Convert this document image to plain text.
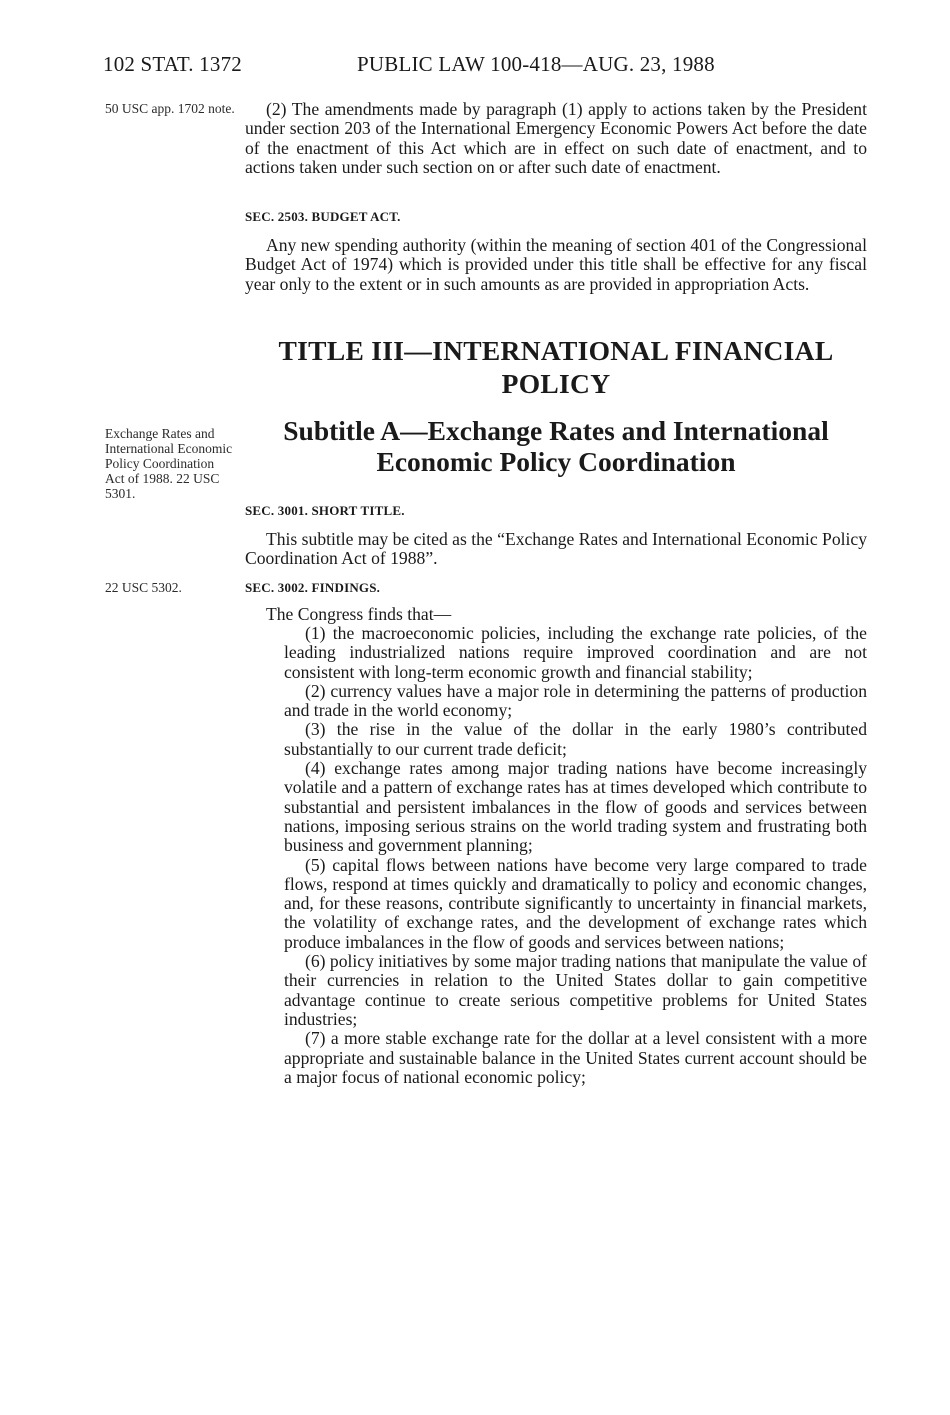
102 STAT. 1372	PUBLIC LAW 100-418—AUG. 23, 1988
50 USC app. 1702 note.	(2) The amendments made by paragraph (1) apply to actions taken by the President under section 203 of the International Emergency Economic Powers Act before the date of the enactment of this Act which are in effect on such date of enactment, and to actions taken under such section on or after such date of enactment.

SEC. 2503. BUDGET ACT.

Any new spending authority (within the meaning of section 401 of the Congressional Budget Act of 1974) which is provided under this title shall be effective for any fiscal year only to the extent or in such amounts as are provided in appropriation Acts.

TITLE III—INTERNATIONAL FINANCIAL POLICY
Exchange Rates and International Economic Policy Coordination Act of 1988. 22 USC 5301.
Subtitle A—Exchange Rates and International Economic Policy Coordination

SEC. 3001. SHORT TITLE.

This subtitle may be cited as the “Exchange Rates and International Economic Policy Coordination Act of 1988”.

22 USC 5302.	SEC. 3002. FINDINGS.

The Congress finds that—

(1) the macroeconomic policies, including the exchange rate policies, of the leading industrialized nations require improved coordination and are not consistent with long-term economic growth and financial stability;

(2) currency values have a major role in determining the patterns of production and trade in the world economy;

(3) the rise in the value of the dollar in the early 1980’s contributed substantially to our current trade deficit;

(4) exchange rates among major trading nations have become increasingly volatile and a pattern of exchange rates has at times developed which contribute to substantial and persistent imbalances in the flow of goods and services between nations, imposing serious strains on the world trading system and frustrating both business and government planning;

(5) capital flows between nations have become very large compared to trade flows, respond at times quickly and dramatically to policy and economic changes, and, for these reasons, contribute significantly to uncertainty in financial markets, the volatility of exchange rates, and the development of exchange rates which produce imbalances in the flow of goods and services between nations;

(6) policy initiatives by some major trading nations that manipulate the value of their currencies in relation to the United States dollar to gain competitive advantage continue to create serious competitive problems for United States industries;

(7) a more stable exchange rate for the dollar at a level consistent with a more appropriate and sustainable balance in the United States current account should be a major focus of national economic policy;
